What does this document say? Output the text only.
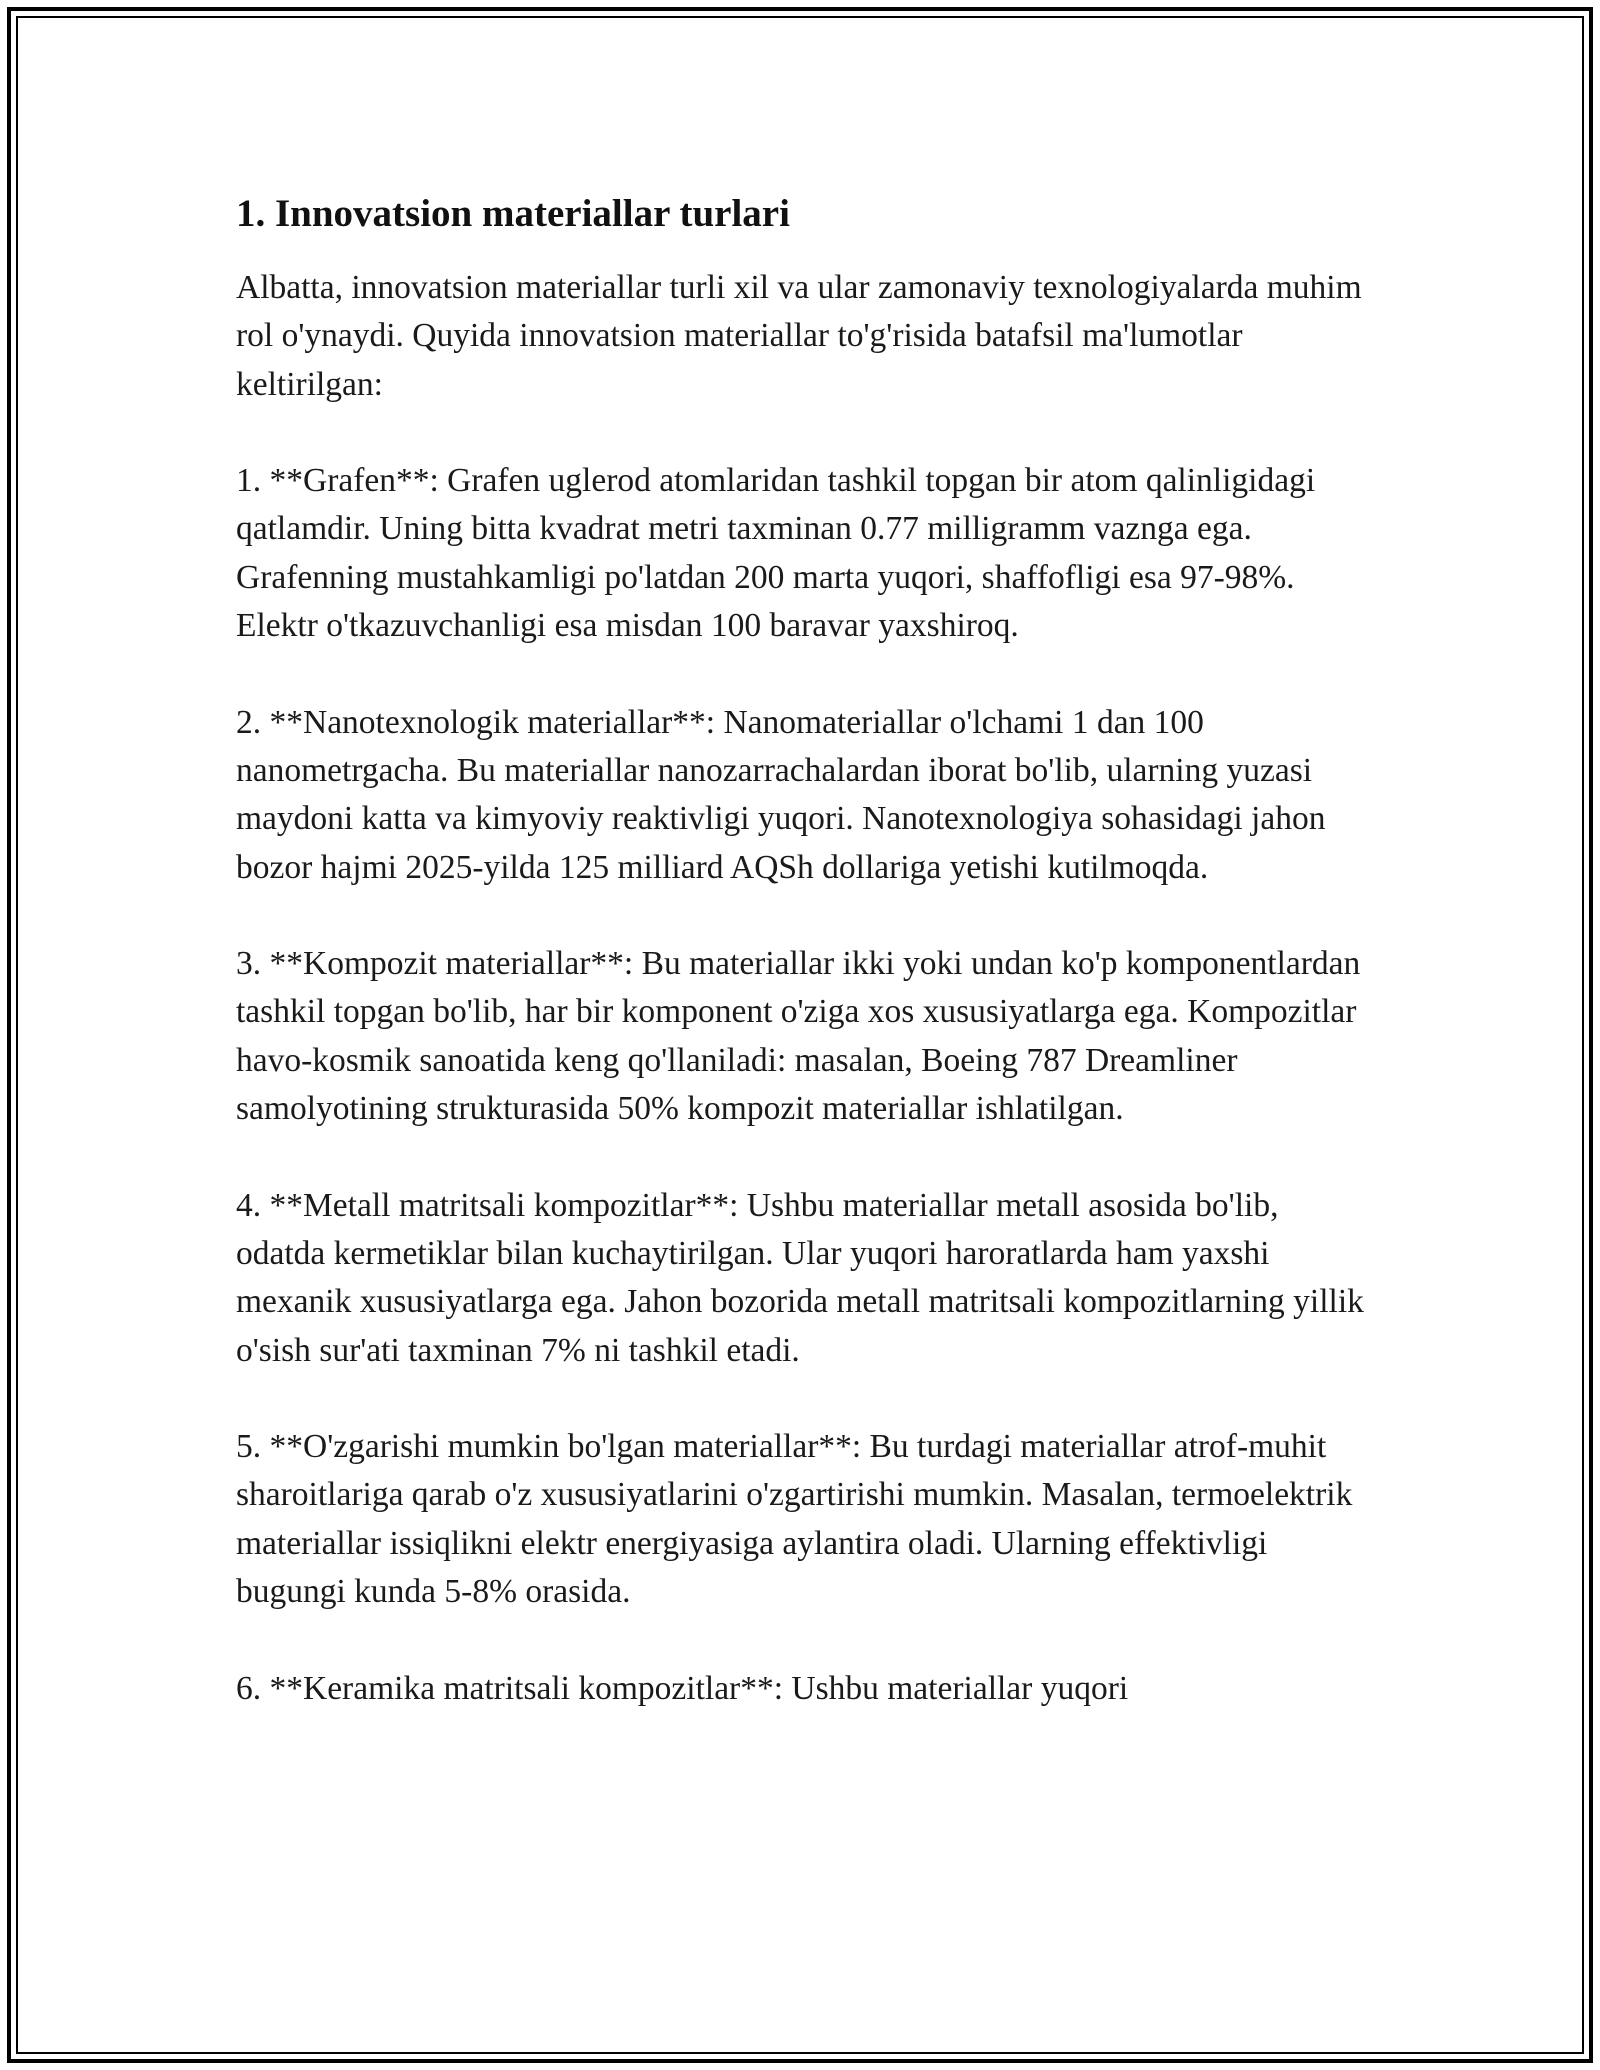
1. Innovatsion materiallar turlari

Albatta, innovatsion materiallar turli xil va ular zamonaviy texnologiyalarda muhim rol o'ynaydi. Quyida innovatsion materiallar to'g'risida batafsil ma'lumotlar keltirilgan:

1. **Grafen**: Grafen uglerod atomlaridan tashkil topgan bir atom qalinligidagi qatlamdir. Uning bitta kvadrat metri taxminan 0.77 milligramm vaznga ega. Grafenning mustahkamligi po'latdan 200 marta yuqori, shaffofligi esa 97-98%. Elektr o'tkazuvchanligi esa misdan 100 baravar yaxshiroq.

2. **Nanotexnologik materiallar**: Nanomateriallar o'lchami 1 dan 100 nanometrgacha. Bu materiallar nanozarrachalardan iborat bo'lib, ularning yuzasi maydoni katta va kimyoviy reaktivligi yuqori. Nanotexnologiya sohasidagi jahon bozor hajmi 2025-yilda 125 milliard AQSh dollariga yetishi kutilmoqda.

3. **Kompozit materiallar**: Bu materiallar ikki yoki undan ko'p komponentlardan tashkil topgan bo'lib, har bir komponent o'ziga xos xususiyatlarga ega. Kompozitlar havo-kosmik sanoatida keng qo'llaniladi: masalan, Boeing 787 Dreamliner samolyotining strukturasida 50% kompozit materiallar ishlatilgan.

4. **Metall matritsali kompozitlar**: Ushbu materiallar metall asosida bo'lib, odatda kermetiklar bilan kuchaytirilgan. Ular yuqori haroratlarda ham yaxshi mexanik xususiyatlarga ega. Jahon bozorida metall matritsali kompozitlarning yillik o'sish sur'ati taxminan 7% ni tashkil etadi.

5. **O'zgarishi mumkin bo'lgan materiallar**: Bu turdagi materiallar atrof-muhit sharoitlariga qarab o'z xususiyatlarini o'zgartirishi mumkin. Masalan, termoelektrik materiallar issiqlikni elektr energiyasiga aylantira oladi. Ularning effektivligi bugungi kunda 5-8% orasida.

6. **Keramika matritsali kompozitlar**: Ushbu materiallar yuqori
